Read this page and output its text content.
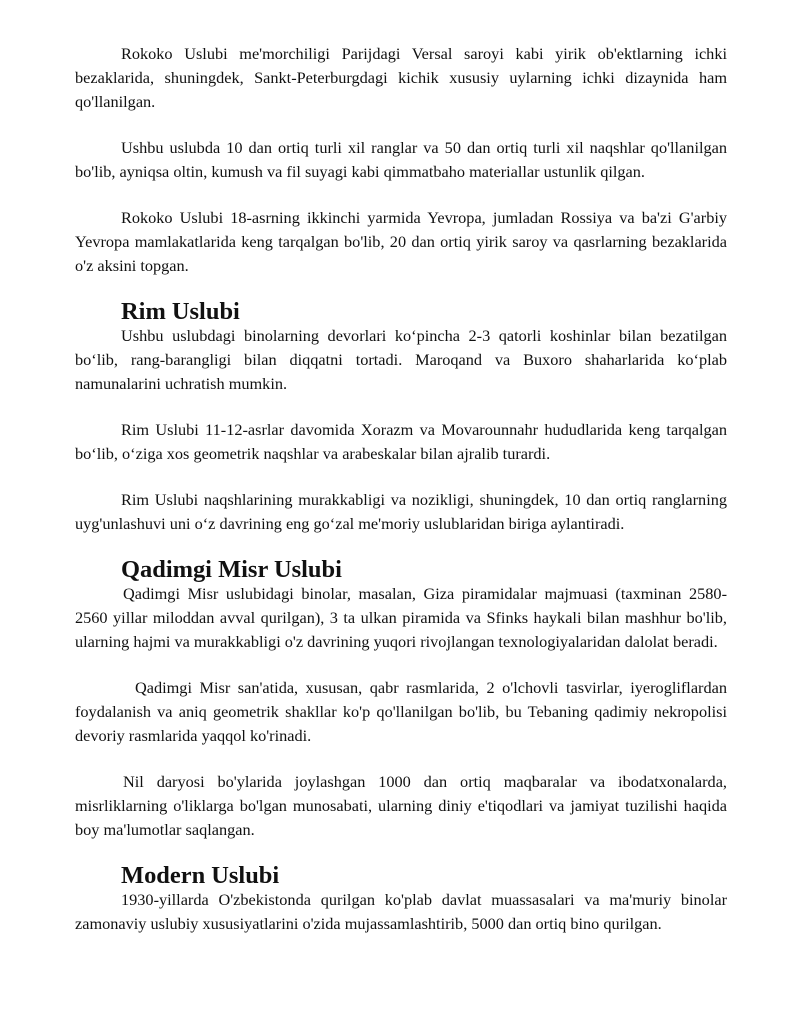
Rokoko Uslubi me'morchiligi Parijdagi Versal saroyi kabi yirik ob'ektlarning ichki bezaklarida, shuningdek, Sankt-Peterburgdagi kichik xususiy uylarning ichki dizaynida ham qo'llanilgan.

Ushbu uslubda 10 dan ortiq turli xil ranglar va 50 dan ortiq turli xil naqshlar qo'llanilgan bo'lib, ayniqsa oltin, kumush va fil suyagi kabi qimmatbaho materiallar ustunlik qilgan.

Rokoko Uslubi 18-asrning ikkinchi yarmida Yevropa, jumladan Rossiya va ba'zi G'arbiy Yevropa mamlakatlarida keng tarqalgan bo'lib, 20 dan ortiq yirik saroy va qasrlarning bezaklarida o'z aksini topgan.

Rim Uslubi

Ushbu uslubdagi binolarning devorlari koʻpincha 2-3 qatorli koshinlar bilan bezatilgan boʻlib, rang-barangligi bilan diqqatni tortadi. Maroqand va Buxoro shaharlarida koʻplab namunalarini uchratish mumkin.

Rim Uslubi 11-12-asrlar davomida Xorazm va Movarounnahr hududlarida keng tarqalgan boʻlib, oʻziga xos geometrik naqshlar va arabeskalar bilan ajralib turardi.

Rim Uslubi naqshlarining murakkabligi va nozikligi, shuningdek, 10 dan ortiq ranglarning uyg'unlashuvi uni oʻz davrining eng goʻzal me'moriy uslublaridan biriga aylantiradi.

Qadimgi Misr Uslubi

Qadimgi Misr uslubidagi binolar, masalan, Giza piramidalar majmuasi (taxminan 2580-2560 yillar miloddan avval qurilgan), 3 ta ulkan piramida va Sfinks haykali bilan mashhur bo'lib, ularning hajmi va murakkabligi o'z davrining yuqori rivojlangan texnologiyalaridan dalolat beradi.

Qadimgi Misr san'atida, xususan, qabr rasmlarida, 2 o'lchovli tasvirlar, iyerogliflardan foydalanish va aniq geometrik shakllar ko'p qo'llanilgan bo'lib, bu Tebaning qadimiy nekropolisi devoriy rasmlarida yaqqol ko'rinadi.

Nil daryosi bo'ylarida joylashgan 1000 dan ortiq maqbaralar va ibodatxonalarda, misrliklarning o'liklarga bo'lgan munosabati, ularning diniy e'tiqodlari va jamiyat tuzilishi haqida boy ma'lumotlar saqlangan.

Modern Uslubi

1930-yillarda O'zbekistonda qurilgan ko'plab davlat muassasalari va ma'muriy binolar zamonaviy uslubiy xususiyatlarini o'zida mujassamlashtirib, 5000 dan ortiq bino qurilgan.
